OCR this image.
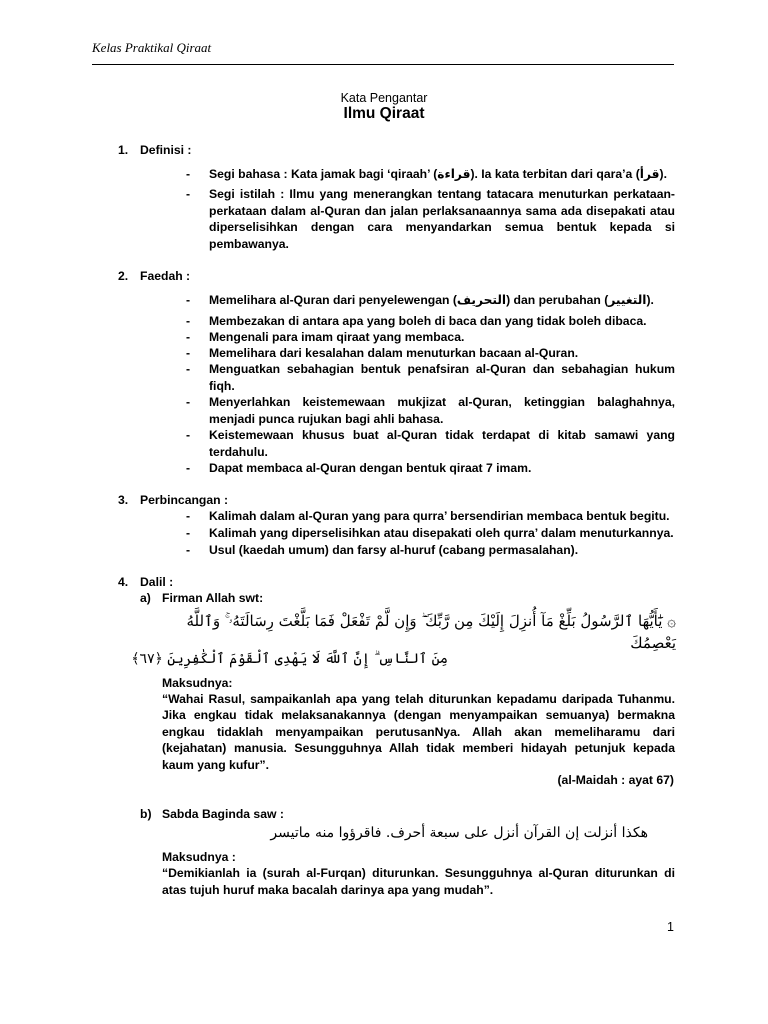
Kelas Praktikal Qiraat
Kata Pengantar
Ilmu Qiraat
1. Definisi :
- Segi bahasa : Kata jamak bagi ‘qiraah’ (قراءة). Ia kata terbitan dari qara’a (قرأ).
- Segi istilah : Ilmu yang menerangkan tentang tatacara menuturkan perkataan-perkataan dalam al-Quran dan jalan perlaksanaannya sama ada disepakati atau diperselisihkan dengan cara menyandarkan semua bentuk kepada si pembawanya.
2. Faedah :
- Memelihara al-Quran dari penyelewengan (التحريف) dan perubahan (التغيير).
- Membezakan di antara apa yang boleh di baca dan yang tidak boleh dibaca.
- Mengenali para imam qiraat yang membaca.
- Memelihara dari kesalahan dalam menuturkan bacaan al-Quran.
- Menguatkan sebahagian bentuk penafsiran al-Quran dan sebahagian hukum fiqh.
- Menyerlahkan keistemewaan mukjizat al-Quran, ketinggian balaghahnya, menjadi punca rujukan bagi ahli bahasa.
- Keistemewaan khusus buat al-Quran tidak terdapat di kitab samawi yang terdahulu.
- Dapat membaca al-Quran dengan bentuk qiraat 7 imam.
3. Perbincangan :
- Kalimah dalam al-Quran yang para qurra’ bersendirian membaca bentuk begitu.
- Kalimah yang diperselisihkan atau disepakati oleh qurra’ dalam menuturkannya.
- Usul (kaedah umum) dan farsy al-huruf (cabang permasalahan).
4. Dalil :
a) Firman Allah swt:
۞ يَٰٓأَيُّهَا ٱلرَّسُولُ بَلِّغْ مَآ أُنزِلَ إِلَيْكَ مِن رَّبِّكَ ۖ وَإِن لَّمْ تَفْعَلْ فَمَا بَلَّغْتَ رِسَالَتَهُۥ ۚ وَٱللَّهُ يَعْصِمُكَ
مِنَ ٱلنَّاسِ ۗ إِنَّ ٱللَّهَ لَا يَهْدِى ٱلْقَوْمَ ٱلْكَٰفِرِينَ ﴿٦٧﴾
Maksudnya:
“Wahai Rasul, sampaikanlah apa yang telah diturunkan kepadamu daripada Tuhanmu. Jika engkau tidak melaksanakannya (dengan menyampaikan semuanya) bermakna engkau tidaklah menyampaikan perutusanNya. Allah akan memeliharamu dari (kejahatan) manusia. Sesungguhnya Allah tidak memberi hidayah petunjuk kepada kaum yang kufur”.
(al-Maidah : ayat 67)
b) Sabda Baginda saw :
هكذا أنزلت إن القرآن أنزل على سبعة أحرف. فاقرؤوا منه ماتيسر
Maksudnya :
“Demikianlah ia (surah al-Furqan) diturunkan. Sesungguhnya al-Quran diturunkan di atas tujuh huruf maka bacalah darinya apa yang mudah”.
1
